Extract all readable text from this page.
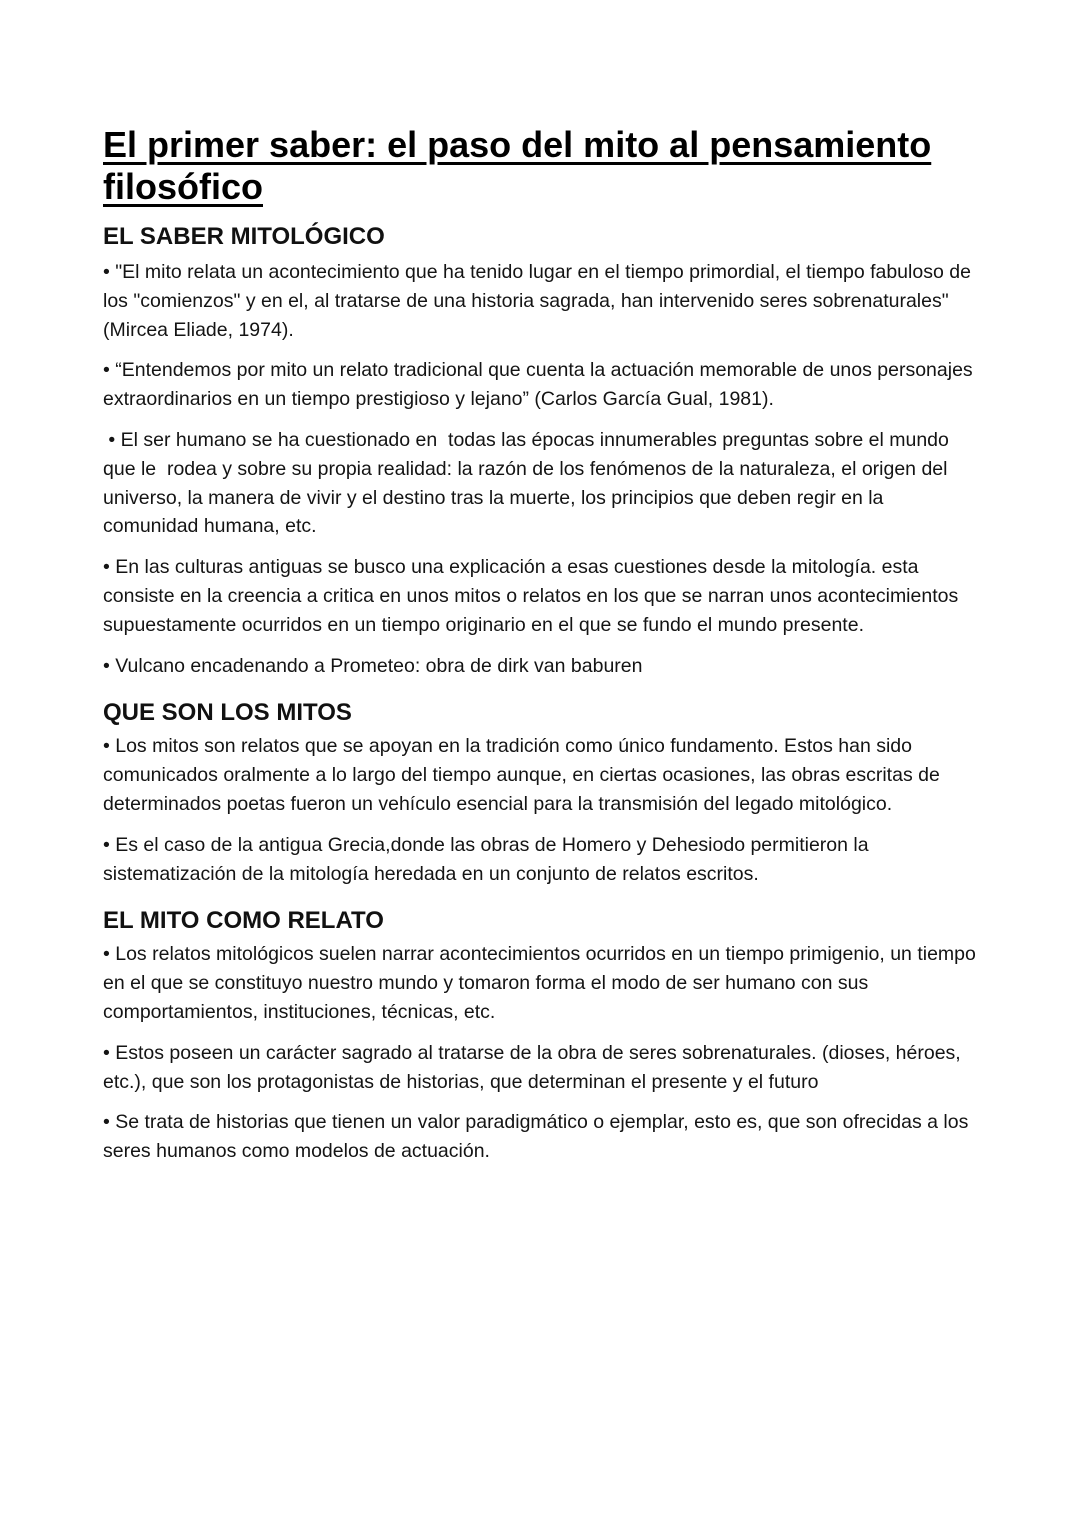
El primer saber: el paso del mito al pensamiento filosófico
EL SABER MITOLÓGICO

• "El mito relata un acontecimiento que ha tenido lugar en el tiempo primordial, el tiempo fabuloso de los "comienzos" y en el, al tratarse de una historia sagrada, han intervenido seres sobrenaturales" (Mircea Eliade, 1974).

• “Entendemos por mito un relato tradicional que cuenta la actuación memorable de unos personajes extraordinarios en un tiempo prestigioso y lejano” (Carlos García Gual, 1981).

• El ser humano se ha cuestionado en  todas las épocas innumerables preguntas sobre el mundo que le  rodea y sobre su propia realidad: la razón de los fenómenos de la naturaleza, el origen del universo, la manera de vivir y el destino tras la muerte, los principios que deben regir en la comunidad humana, etc.

• En las culturas antiguas se busco una explicación a esas cuestiones desde la mitología. esta consiste en la creencia a critica en unos mitos o relatos en los que se narran unos acontecimientos supuestamente ocurridos en un tiempo originario en el que se fundo el mundo presente.

• Vulcano encadenando a Prometeo: obra de dirk van baburen

QUE SON LOS MITOS

• Los mitos son relatos que se apoyan en la tradición como único fundamento. Estos han sido comunicados oralmente a lo largo del tiempo aunque, en ciertas ocasiones, las obras escritas de determinados poetas fueron un vehículo esencial para la transmisión del legado mitológico.

• Es el caso de la antigua Grecia,donde las obras de Homero y Dehesiodo permitieron la sistematización de la mitología heredada en un conjunto de relatos escritos.

EL MITO COMO RELATO

• Los relatos mitológicos suelen narrar acontecimientos ocurridos en un tiempo primigenio, un tiempo en el que se constituyo nuestro mundo y tomaron forma el modo de ser humano con sus comportamientos, instituciones, técnicas, etc.

• Estos poseen un carácter sagrado al tratarse de la obra de seres sobrenaturales. (dioses, héroes, etc.), que son los protagonistas de historias, que determinan el presente y el futuro

• Se trata de historias que tienen un valor paradigmático o ejemplar, esto es, que son ofrecidas a los seres humanos como modelos de actuación.
